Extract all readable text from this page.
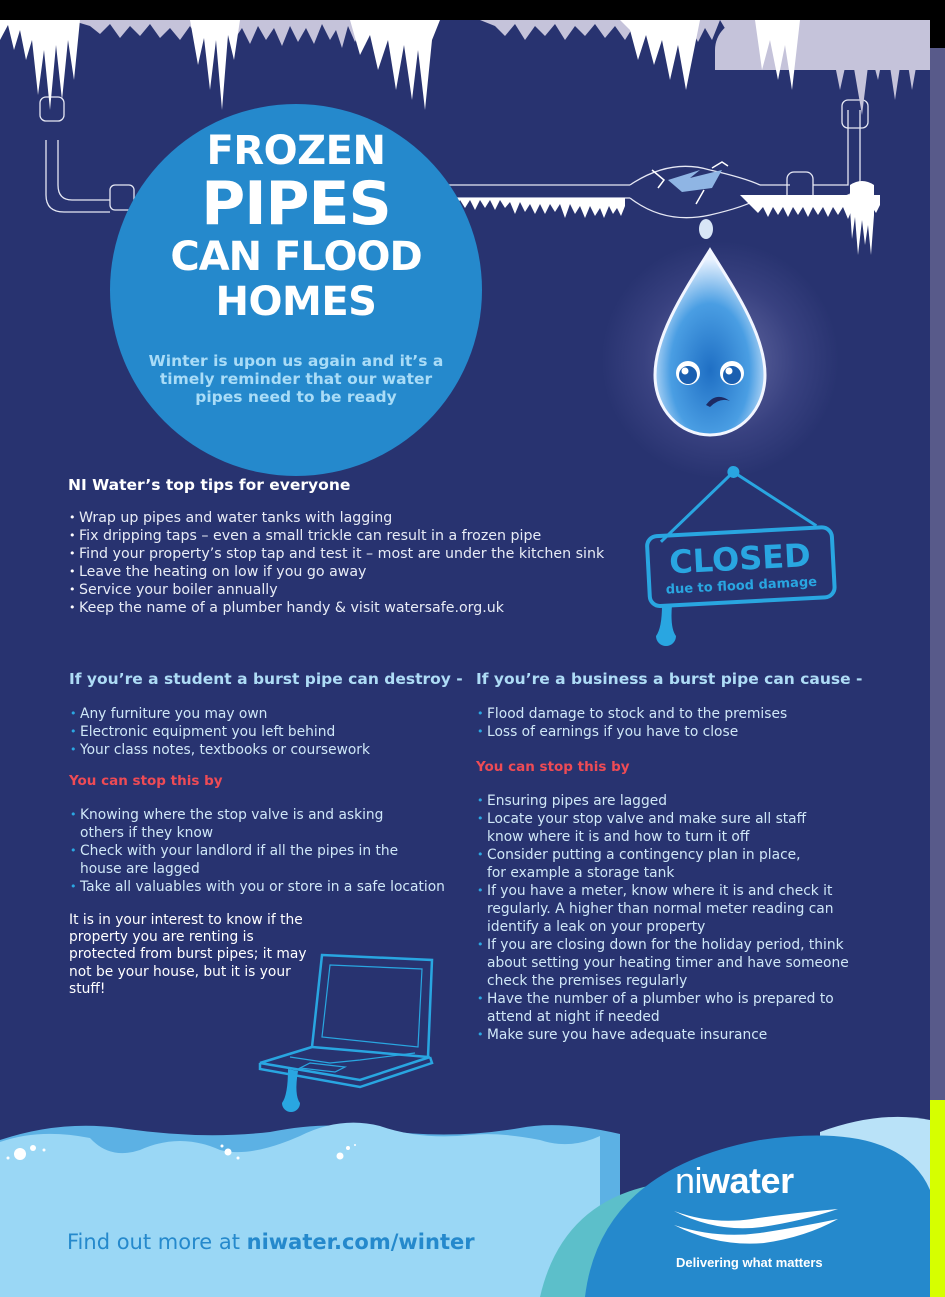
FROZEN
PIPES
CAN FLOOD
HOMES
Winter is upon us again and it’s a timely reminder that our water pipes need to be ready
NI Water’s top tips for everyone
• Wrap up pipes and water tanks with lagging
• Fix dripping taps – even a small trickle can result in a frozen pipe
• Find your property’s stop tap and test it – most are under the kitchen sink
• Leave the heating on low if you go away
• Service your boiler annually
• Keep the name of a plumber handy & visit watersafe.org.uk
CLOSED
due to flood damage
If you’re a student a burst pipe can destroy -
• Any furniture you may own
• Electronic equipment you left behind
• Your class notes, textbooks or coursework
You can stop this by
• Knowing where the stop valve is and asking others if they know
• Check with your landlord if all the pipes in the house are lagged
• Take all valuables with you or store in a safe location
It is in your interest to know if the property you are renting is protected from burst pipes; it may not be your house, but it is your stuff!
If you’re a business a burst pipe can cause -
• Flood damage to stock and to the premises
• Loss of earnings if you have to close
You can stop this by
• Ensuring pipes are lagged
• Locate your stop valve and make sure all staff know where it is and how to turn it off
• Consider putting a contingency plan in place, for example a storage tank
• If you have a meter, know where it is and check it regularly. A higher than normal meter reading can identify a leak on your property
• If you are closing down for the holiday period, think about setting your heating timer and have someone check the premises regularly
• Have the number of a plumber who is prepared to attend at night if needed
• Make sure you have adequate insurance
Find out more at niwater.com/winter
niwater
Delivering what matters
